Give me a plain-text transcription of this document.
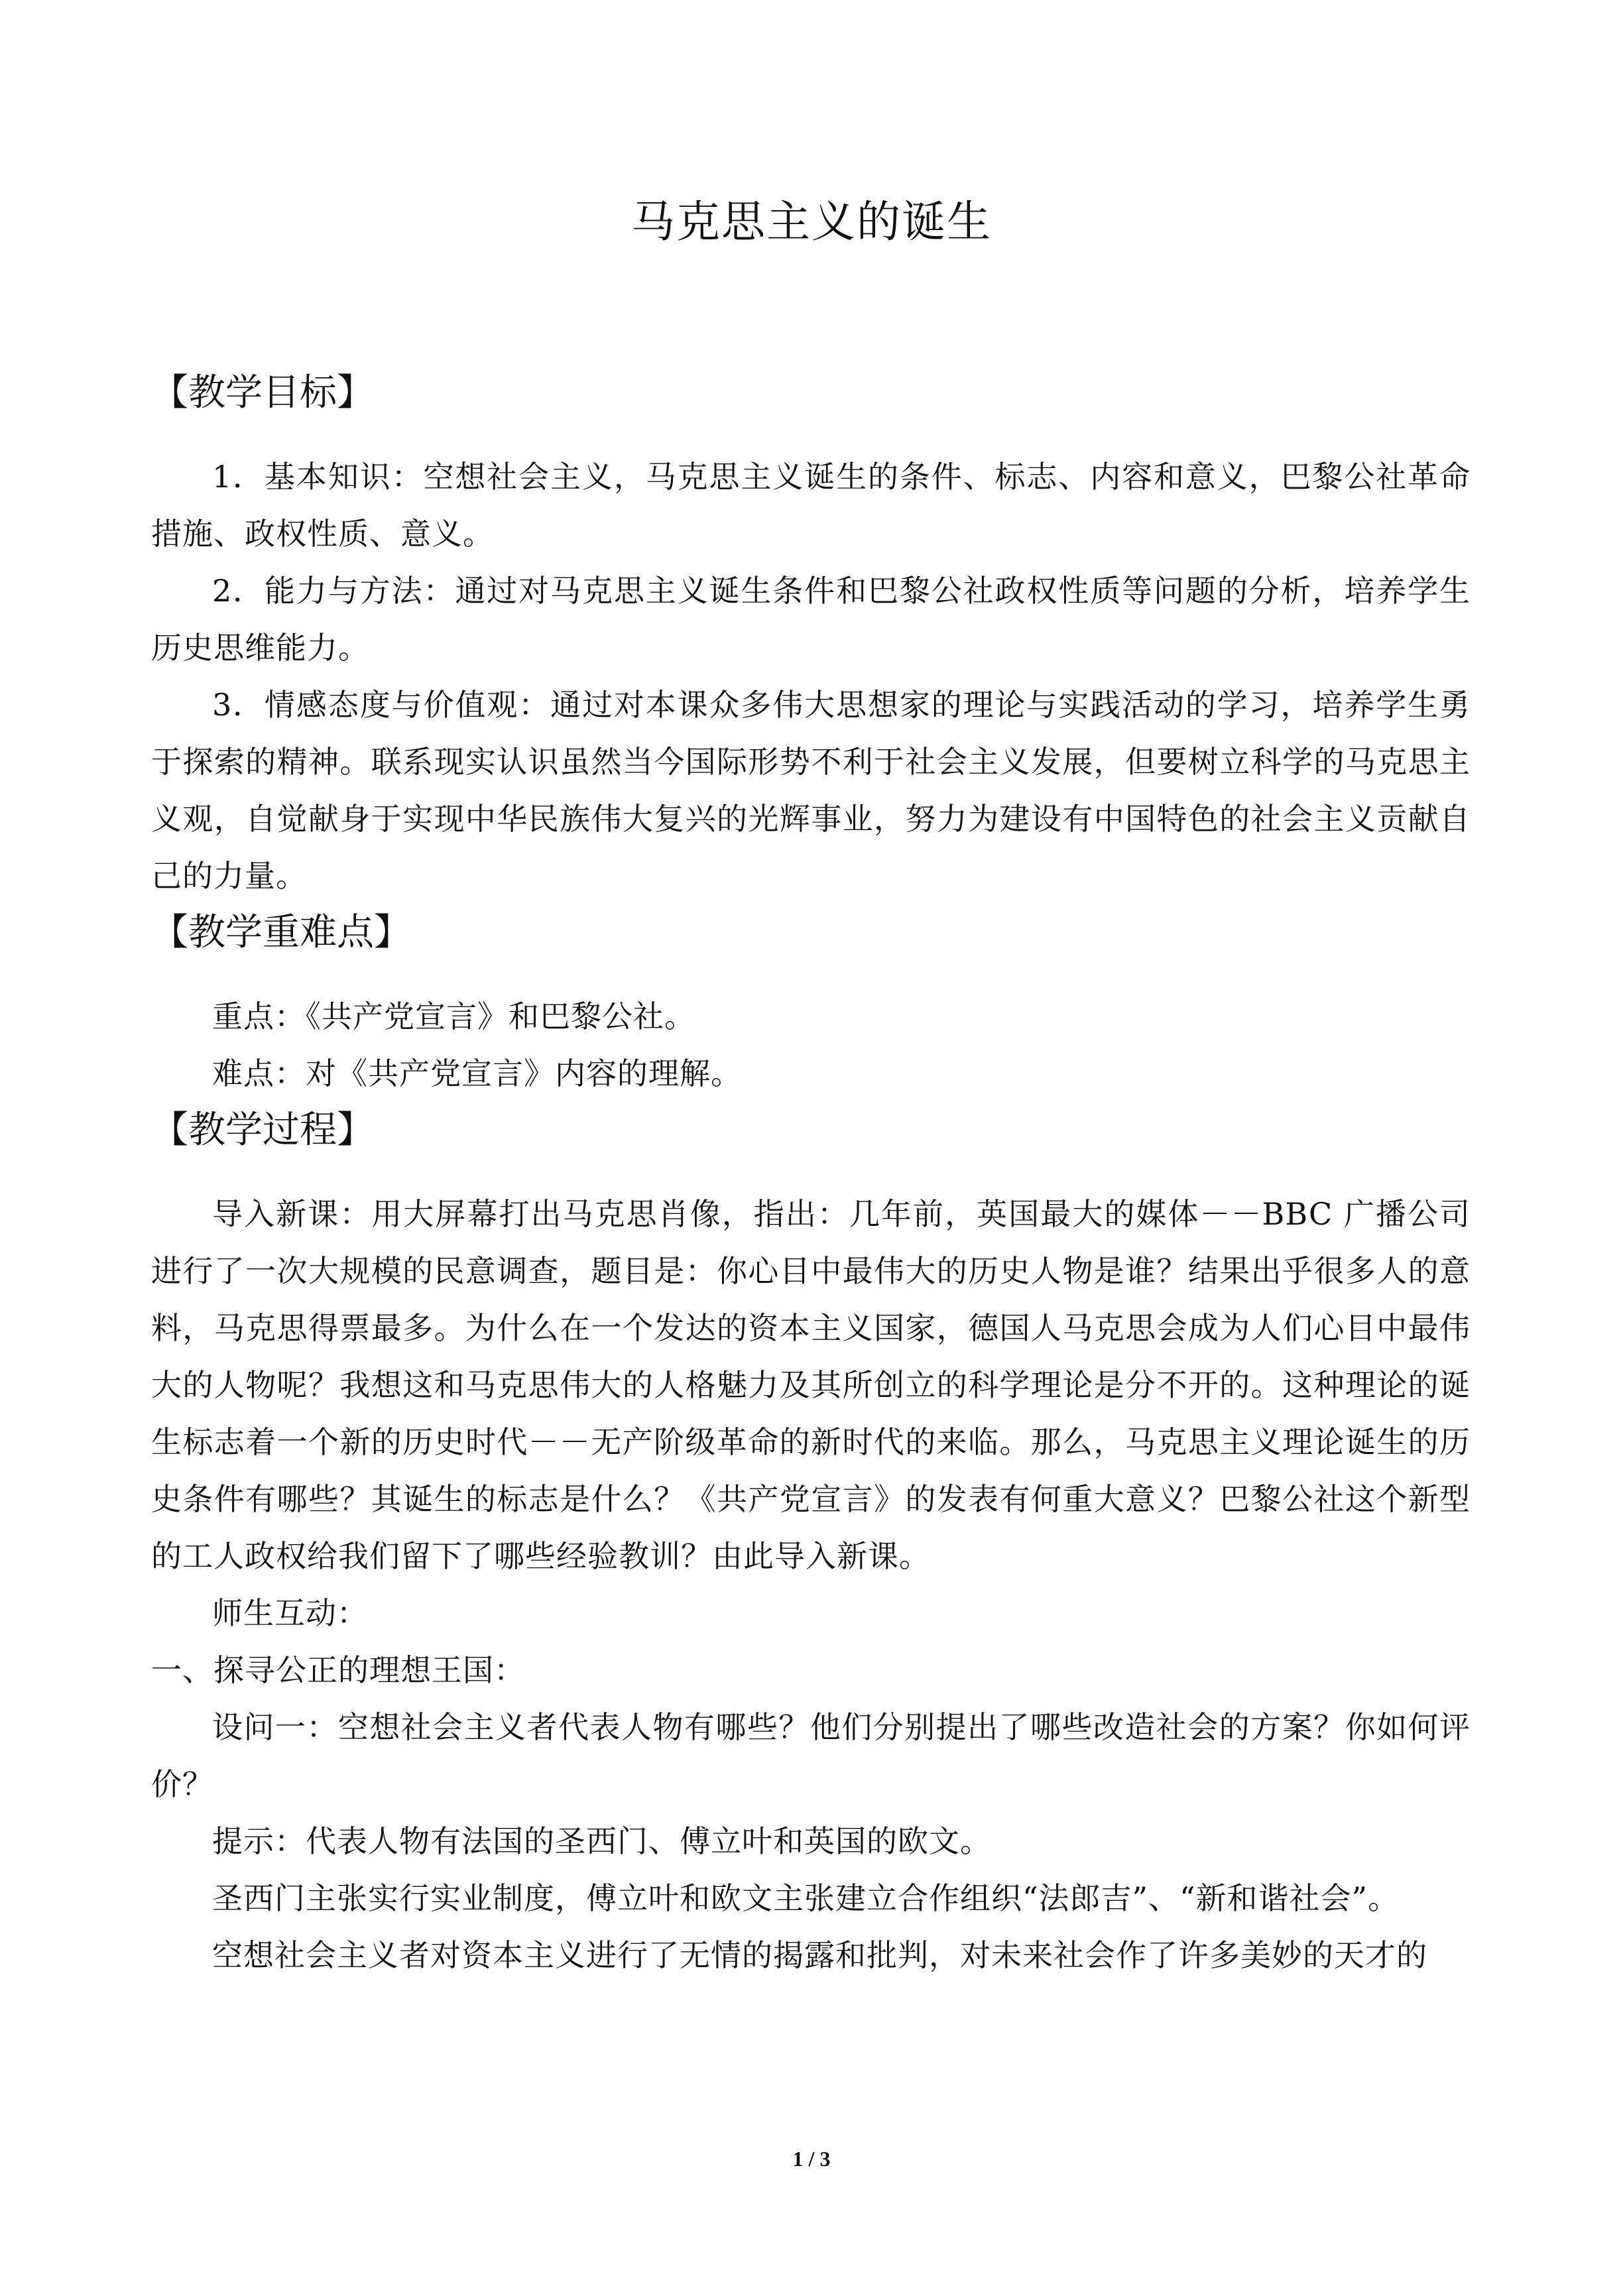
马克思主义的诞生
【教学目标】

1．基本知识：空想社会主义，马克思主义诞生的条件、标志、内容和意义，巴黎公社革命措施、政权性质、意义。

2．能力与方法：通过对马克思主义诞生条件和巴黎公社政权性质等问题的分析，培养学生历史思维能力。

3．情感态度与价值观：通过对本课众多伟大思想家的理论与实践活动的学习，培养学生勇于探索的精神。联系现实认识虽然当今国际形势不利于社会主义发展，但要树立科学的马克思主义观，自觉献身于实现中华民族伟大复兴的光辉事业，努力为建设有中国特色的社会主义贡献自己的力量。

【教学重难点】

重点：《共产党宣言》和巴黎公社。

难点：对《共产党宣言》内容的理解。

【教学过程】

导入新课：用大屏幕打出马克思肖像，指出：几年前，英国最大的媒体－－BBC 广播公司进行了一次大规模的民意调查，题目是：你心目中最伟大的历史人物是谁？结果出乎很多人的意料，马克思得票最多。为什么在一个发达的资本主义国家，德国人马克思会成为人们心目中最伟大的人物呢？我想这和马克思伟大的人格魅力及其所创立的科学理论是分不开的。这种理论的诞生标志着一个新的历史时代－－无产阶级革命的新时代的来临。那么，马克思主义理论诞生的历史条件有哪些？其诞生的标志是什么？《共产党宣言》的发表有何重大意义？巴黎公社这个新型的工人政权给我们留下了哪些经验教训？由此导入新课。

师生互动：

一、探寻公正的理想王国：

设问一：空想社会主义者代表人物有哪些？他们分别提出了哪些改造社会的方案？你如何评价？

提示：代表人物有法国的圣西门、傅立叶和英国的欧文。

圣西门主张实行实业制度，傅立叶和欧文主张建立合作组织“法郎吉”、“新和谐社会”。

空想社会主义者对资本主义进行了无情的揭露和批判，对未来社会作了许多美妙的天才的

1 / 3
